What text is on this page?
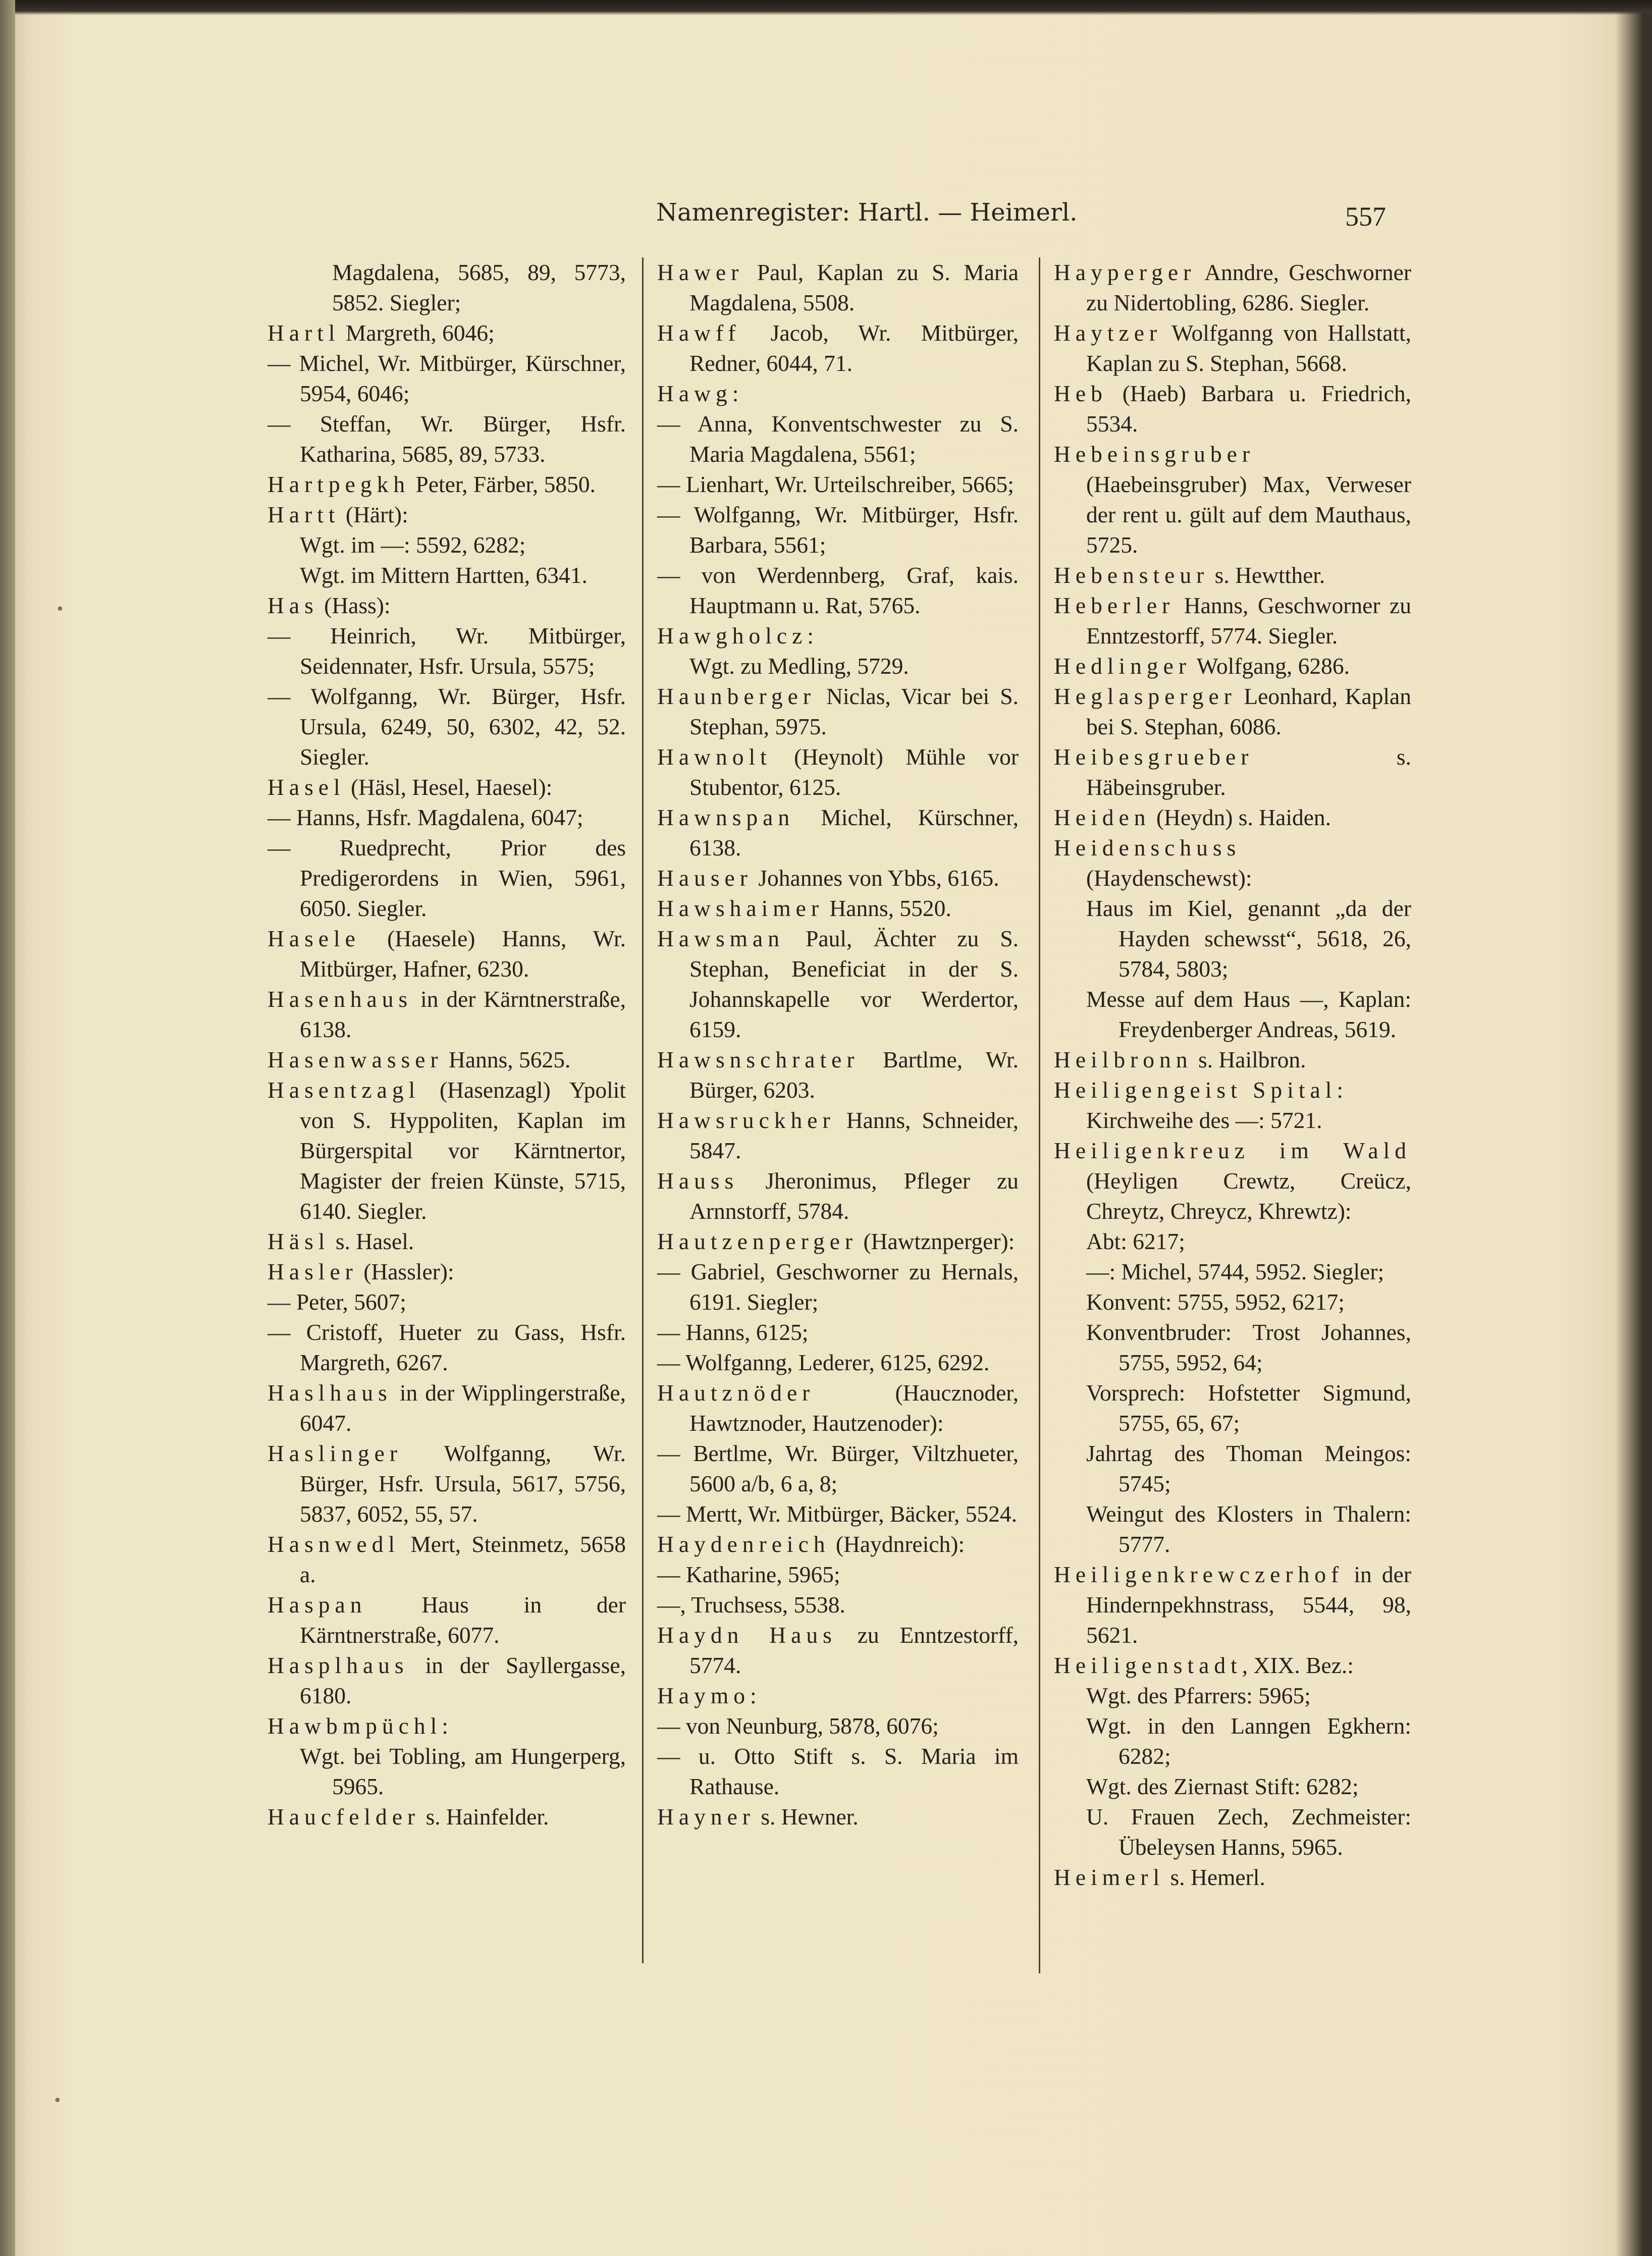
Namenregister: Hartl. — Heimerl.	557

Magdalena, 5685, 89, 5773, 5852. Siegler;

Hartl Margreth, 6046;

— Michel, Wr. Mitbürger, Kürschner, 5954, 6046;

— Steffan, Wr. Bürger, Hsfr. Katharina, 5685, 89, 5733.

Hartpegkh Peter, Färber, 5850.

Hartt (Härt):

Wgt. im —: 5592, 6282;

Wgt. im Mittern Hartten, 6341.

Has (Hass):

— Heinrich, Wr. Mitbürger, Seidennater, Hsfr. Ursula, 5575;

— Wolfganng, Wr. Bürger, Hsfr. Ursula, 6249, 50, 6302, 42, 52. Siegler.

Hasel (Häsl, Hesel, Haesel):

— Hanns, Hsfr. Magdalena, 6047;

— Ruedprecht, Prior des Predigerordens in Wien, 5961, 6050. Siegler.

Hasele (Haesele) Hanns, Wr. Mitbürger, Hafner, 6230.

Hasenhaus in der Kärntnerstraße, 6138.

Hasenwasser Hanns, 5625.

Hasentzagl (Hasenzagl) Ypolit von S. Hyppoliten, Kaplan im Bürgerspital vor Kärntnertor, Magister der freien Künste, 5715, 6140. Siegler.

Häsl s. Hasel.

Hasler (Hassler):

— Peter, 5607;

— Cristoff, Hueter zu Gass, Hsfr. Margreth, 6267.

Haslhaus in der Wipplingerstraße, 6047.

Haslinger Wolfganng, Wr. Bürger, Hsfr. Ursula, 5617, 5756, 5837, 6052, 55, 57.

Hasnwedl Mert, Steinmetz, 5658 a.

Haspan Haus in der Kärntnerstraße, 6077.

Hasplhaus in der Sayllergasse, 6180.

Hawbmpüchl:

Wgt. bei Tobling, am Hungerperg, 5965.

Haucfelder s. Hainfelder.

Hawer Paul, Kaplan zu S. Maria Magdalena, 5508.

Hawff Jacob, Wr. Mitbürger, Redner, 6044, 71.

Hawg:

— Anna, Konventschwester zu S. Maria Magdalena, 5561;

— Lienhart, Wr. Urteilschreiber, 5665;

— Wolfganng, Wr. Mitbürger, Hsfr. Barbara, 5561;

— von Werdennberg, Graf, kais. Hauptmann u. Rat, 5765.

Hawgholcz:

Wgt. zu Medling, 5729.

Haunberger Niclas, Vicar bei S. Stephan, 5975.

Hawnolt (Heynolt) Mühle vor Stubentor, 6125.

Hawnspan Michel, Kürschner, 6138.

Hauser Johannes von Ybbs, 6165.

Hawshaimer Hanns, 5520.

Hawsman Paul, Ächter zu S. Stephan, Beneficiat in der S. Johannskapelle vor Werdertor, 6159.

Hawsnschrater Bartlme, Wr. Bürger, 6203.

Hawsruckher Hanns, Schneider, 5847.

Hauss Jheronimus, Pfleger zu Arnnstorff, 5784.

Hautzenperger (Hawtznperger):

— Gabriel, Geschworner zu Hernals, 6191. Siegler;

— Hanns, 6125;

— Wolfganng, Lederer, 6125, 6292.

Hautznöder (Haucznoder, Hawtznoder, Hautzenoder):

— Bertlme, Wr. Bürger, Viltzhueter, 5600 a/b, 6 a, 8;

— Mertt, Wr. Mitbürger, Bäcker, 5524.

Haydenreich (Haydnreich):

— Katharine, 5965;

—, Truchsess, 5538.

Haydn Haus zu Enntzestorff, 5774.

Haymo:

— von Neunburg, 5878, 6076;

— u. Otto Stift s. S. Maria im Rathause.

Hayner s. Hewner.

Hayperger Anndre, Geschworner zu Nidertobling, 6286. Siegler.

Haytzer Wolfganng von Hallstatt, Kaplan zu S. Stephan, 5668.

Heb (Haeb) Barbara u. Friedrich, 5534.

Hebeinsgruber (Haebeinsgruber) Max, Verweser der rent u. gült auf dem Mauthaus, 5725.

Hebensteur s. Hewtther.

Heberler Hanns, Geschworner zu Enntzestorff, 5774. Siegler.

Hedlinger Wolfgang, 6286.

Heglasperger Leonhard, Kaplan bei S. Stephan, 6086.

Heibesgrueber s. Häbeinsgruber.

Heiden (Heydn) s. Haiden.

Heidenschuss (Haydenschewst):

Haus im Kiel, genannt „da der Hayden schewsst“, 5618, 26, 5784, 5803;

Messe auf dem Haus —, Kaplan: Freydenberger Andreas, 5619.

Heilbronn s. Hailbron.

Heiligengeist Spital:

Kirchweihe des —: 5721.

Heiligenkreuz im Wald (Heyligen Crewtz, Creücz, Chreytz, Chreycz, Khrewtz):

Abt: 6217;

—: Michel, 5744, 5952. Siegler;

Konvent: 5755, 5952, 6217;

Konventbruder: Trost Johannes, 5755, 5952, 64;

Vorsprech: Hofstetter Sigmund, 5755, 65, 67;

Jahrtag des Thoman Meingos: 5745;

Weingut des Klosters in Thalern: 5777.

Heiligenkrewczerhof in der Hindernpekhnstrass, 5544, 98, 5621.

Heiligenstadt, XIX. Bez.:

Wgt. des Pfarrers: 5965;

Wgt. in den Lanngen Egkhern: 6282;

Wgt. des Ziernast Stift: 6282;

U. Frauen Zech, Zechmeister: Übeleysen Hanns, 5965.

Heimerl s. Hemerl.

•
•
